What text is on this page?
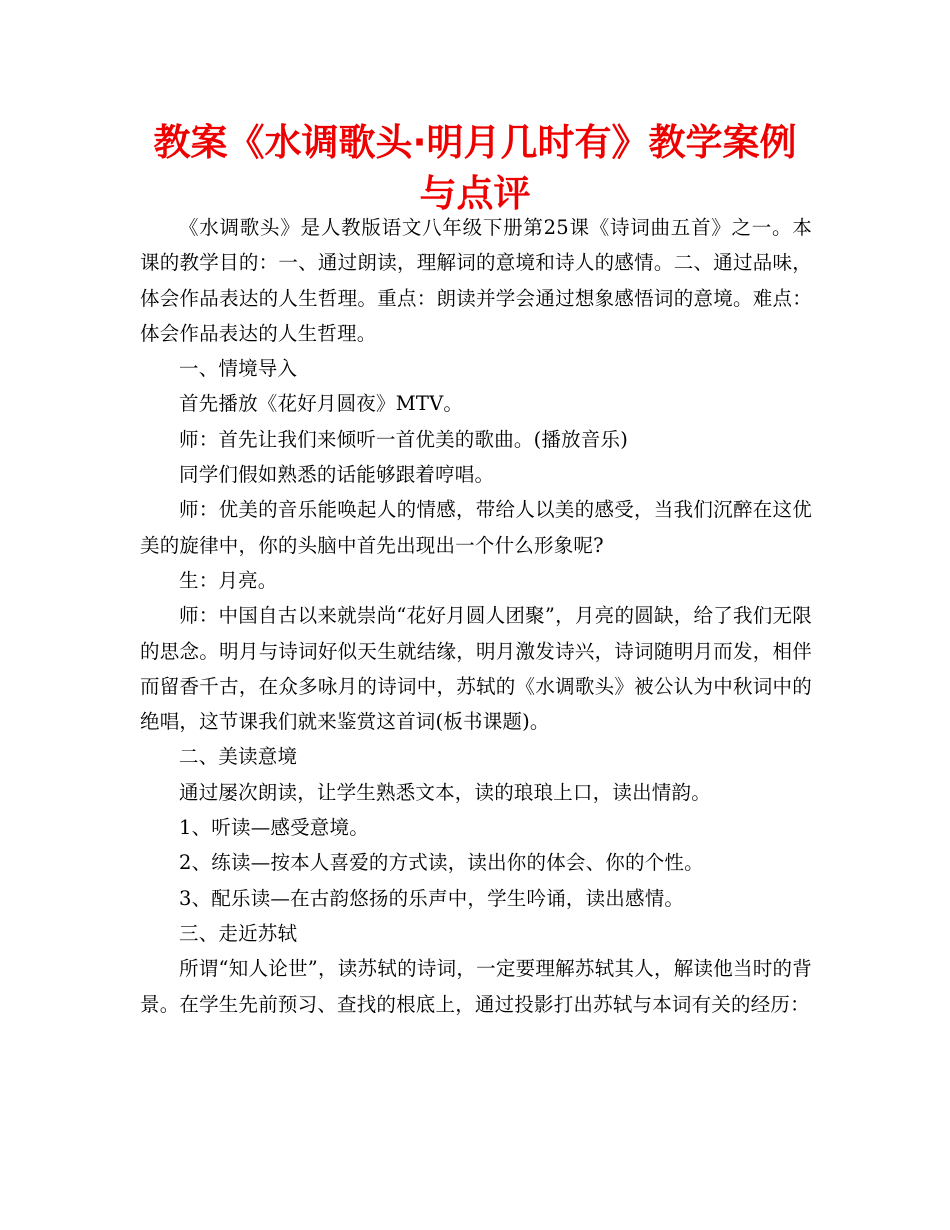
教案《水调歌头·明月几时有》教学案例与点评

《水调歌头》是人教版语文八年级下册第25课《诗词曲五首》之一。本课的教学目的：一、通过朗读，理解词的意境和诗人的感情。二、通过品味，体会作品表达的人生哲理。重点：朗读并学会通过想象感悟词的意境。难点：体会作品表达的人生哲理。

一、情境导入

首先播放《花好月圆夜》MTV。

师：首先让我们来倾听一首优美的歌曲。(播放音乐)

同学们假如熟悉的话能够跟着哼唱。

师：优美的音乐能唤起人的情感，带给人以美的感受，当我们沉醉在这优美的旋律中，你的头脑中首先出现出一个什么形象呢?

生：月亮。

师：中国自古以来就崇尚“花好月圆人团聚”，月亮的圆缺，给了我们无限的思念。明月与诗词好似天生就结缘，明月激发诗兴，诗词随明月而发，相伴而留香千古，在众多咏月的诗词中，苏轼的《水调歌头》被公认为中秋词中的绝唱，这节课我们就来鉴赏这首词(板书课题)。

二、美读意境

通过屡次朗读，让学生熟悉文本，读的琅琅上口，读出情韵。

1、听读—感受意境。

2、练读—按本人喜爱的方式读，读出你的体会、你的个性。

3、配乐读—在古韵悠扬的乐声中，学生吟诵，读出感情。

三、走近苏轼

所谓“知人论世”，读苏轼的诗词，一定要理解苏轼其人，解读他当时的背景。在学生先前预习、查找的根底上，通过投影打出苏轼与本词有关的经历：
